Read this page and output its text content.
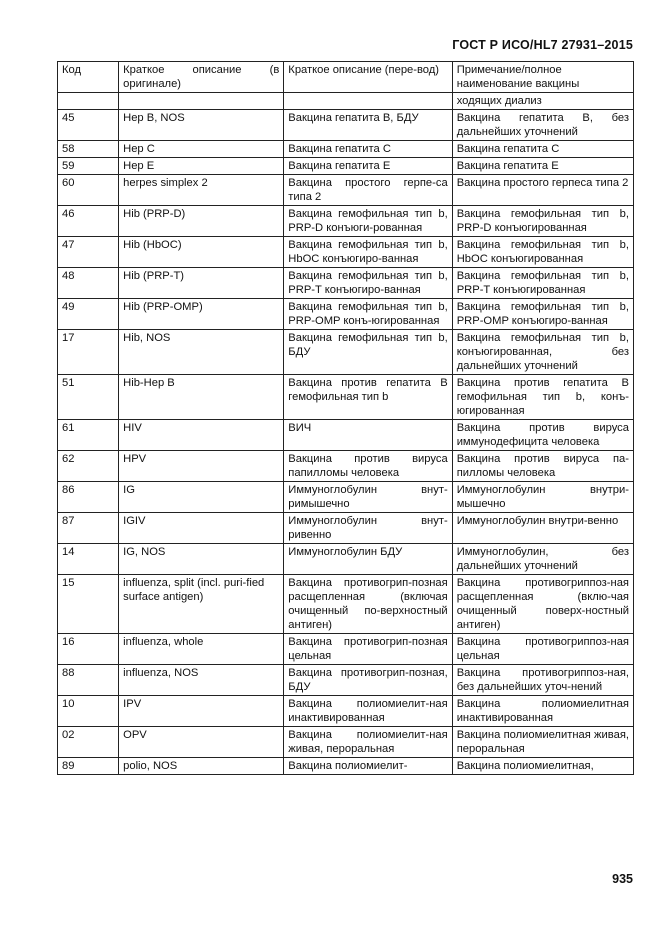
ГОСТ Р ИСО/HL7 27931–2015
Код	Краткое описание (в оригинале)	Краткое описание (пере-вод)	Примечание/полное наименование вакцины
			ходящих диализ
45	Hep B, NOS	Вакцина гепатита В, БДУ	Вакцина гепатита В, без дальнейших уточнений
58	Hep C	Вакцина гепатита С	Вакцина гепатита С
59	Hep E	Вакцина гепатита Е	Вакцина гепатита Е
60	herpes simplex 2	Вакцина простого герпе-са типа 2	Вакцина простого герпеса типа 2
46	Hib (PRP-D)	Вакцина гемофильная тип b, PRP-D конъюги-рованная	Вакцина гемофильная тип b, PRP-D конъюгированная
47	Hib (HbOC)	Вакцина гемофильная тип b, HbOC конъюгиро-ванная	Вакцина гемофильная тип b, HbOC конъюгированная
48	Hib (PRP-T)	Вакцина гемофильная тип b, PRP-T конъюгиро-ванная	Вакцина гемофильная тип b, PRP-T конъюгированная
49	Hib (PRP-OMP)	Вакцина гемофильная тип b, PRP-OMP конъ-югированная	Вакцина гемофильная тип b, PRP-OMP конъюгиро-ванная
17	Hib, NOS	Вакцина гемофильная тип b, БДУ	Вакцина гемофильная тип b, конъюгированная, без дальнейших уточнений
51	Hib-Hep B	Вакцина против гепатита В гемофильная тип b	Вакцина против гепатита В гемофильная тип b, конъ-югированная
61	HIV	ВИЧ	Вакцина против вируса иммунодефицита человека
62	HPV	Вакцина против вируса папилломы человека	Вакцина против вируса па-пилломы человека
86	IG	Иммуноглобулин внут-римышечно	Иммуноглобулин внутри-мышечно
87	IGIV	Иммуноглобулин внут-ривенно	Иммуноглобулин внутри-венно
14	IG, NOS	Иммуноглобулин БДУ	Иммуноглобулин, без дальнейших уточнений
15	influenza, split (incl. puri-fied surface antigen)	Вакцина противогрип-позная расщепленная (включая очищенный по-верхностный антиген)	Вакцина противогриппоз-ная расщепленная (вклю-чая очищенный поверх-ностный антиген)
16	influenza, whole	Вакцина противогрип-позная цельная	Вакцина противогриппоз-ная цельная
88	influenza, NOS	Вакцина противогрип-позная, БДУ	Вакцина противогриппоз-ная, без дальнейших уточ-нений
10	IPV	Вакцина полиомиелит-ная инактивированная	Вакцина полиомиелитная инактивированная
02	OPV	Вакцина полиомиелит-ная живая, пероральная	Вакцина полиомиелитная живая, пероральная
89	polio, NOS	Вакцина полиомиелит-	Вакцина полиомиелитная,
935
